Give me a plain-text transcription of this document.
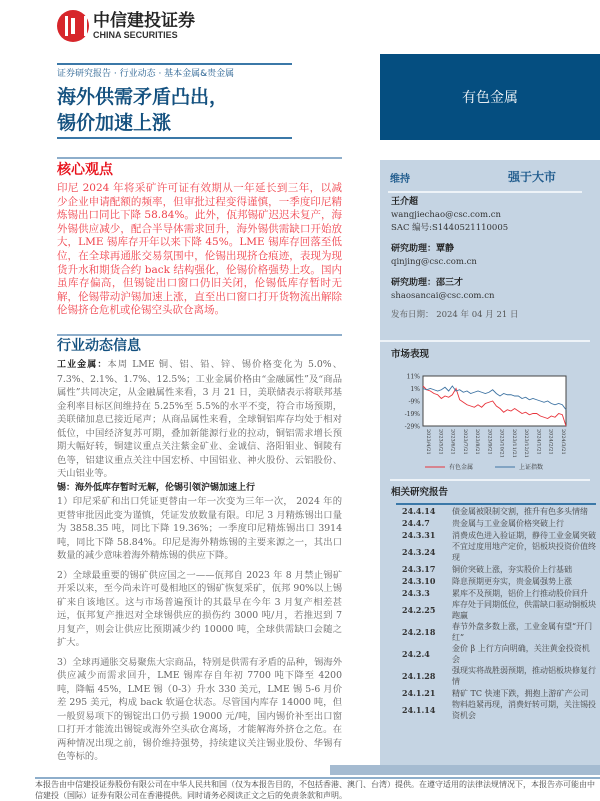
中信建投证券
CHINA SECURITIES
证券研究报告 · 行业动态 · 基本金属&贵金属
海外供需矛盾凸出，
锡价加速上涨
有色金属
核心观点
印尼 2024 年将采矿许可证有效期从一年延长到三年，以减少企业申请配额的频率，但审批过程变得谨慎，一季度印尼精炼锡出口同比下降 58.84%。此外，佤邦锡矿迟迟未复产，海外锡供应减少，配合半导体需求回升，海外锡供需缺口开始放大，LME 锡库存开年以来下降 45%。LME 锡库存回落至低位，在全球再通胀交易氛围中，伦锡出现挤仓痕迹，表现为现货升水和期货合约 back 结构强化，伦锡价格强势上攻。国内虽库存偏高，但锡锭出口窗口仍旧关闭，伦锡低库存暂时无解，伦锡带动沪锡加速上涨，直至出口窗口打开货物流出解除伦锡挤仓危机或伦锡空头砍仓离场。
行业动态信息

工业金属：本周 LME 铜、铝、铅、锌、锡价格变化为 5.0%、7.3%、2.1%、1.7%、12.5%；工业金属价格由“金融属性”及“商品属性”共同决定，从金融属性来看，3 月 21 日，美联储表示将联邦基金利率目标区间维持在 5.25%至 5.5%的水平不变，符合市场预期，美联储加息已接近尾声；从商品属性来看，全球铜铝库存均处于相对低位，中国经济复苏可期，叠加新能源行业的拉动，铜铝需求增长预期大幅好转，铜建议重点关注紫金矿业、金诚信、洛阳钼业、铜陵有色等，铝建议重点关注中国宏桥、中国铝业、神火股份、云铝股份、天山铝业等。

锡：海外低库存暂时无解，伦锡引领沪锡加速上行

1）印尼采矿和出口凭证更替由一年一次变为三年一次， 2024 年的更替审批因此变为谨慎，凭证发放数量有限。印尼 3 月精炼锡出口量为 3858.35 吨，同比下降 19.36%；一季度印尼精炼锡出口 3914 吨，同比下降 58.84%。印尼是海外精炼锡的主要来源之一，其出口数量的减少意味着海外精炼锡的供应下降。

2）全球最重要的锡矿供应国之一——佤邦自 2023 年 8 月禁止锡矿开采以来，至今尚未许可曼相地区的锡矿恢复采矿，佤邦 90%以上锡矿来自该地区。这与市场普遍预计的其最早在今年 3 月复产相差甚远，佤邦复产推迟对全球锡供应的损伤约 3000 吨/月，若推迟到 7 月复产，则会让供应比预期减少约 10000 吨，全球供需缺口会随之扩大。

3）全球再通胀交易聚焦大宗商品，特别是供需有矛盾的品种，锡海外供应减少而需求回升，LME 锡库存自年初 7700 吨下降至 4200 吨，降幅 45%，LME 锡（0-3）升水 330 美元，LME 锡 5-6 月价差 295 美元，构成 back 软逼仓状态。尽管国内库存 14000 吨，但一般贸易项下的锡锭出口仍亏损 19000 元/吨，国内锡价补至出口窗口打开才能流出锡锭或海外空头砍仓离场，才能解海外挤仓之危。在两种情况出现之前，锡价维持强势，持续建议关注锡业股份、华锡有色等标的。

维持	强于大市
王介超
wangjiechao@csc.com.cn
SAC 编号:S1440521110005
研究助理：覃静
qinjing@csc.com.cn
研究助理：邵三才
shaosancai@csc.com.cn
发布日期： 2024 年 04 月 21 日
市场表现
11%
1%
-9%
-19%
-29%
2023/4/21 2023/5/21 2023/6/21 2023/7/21 2023/8/21 2023/9/21 2023/10/21 2023/11/21 2023/12/21 2024/1/21 2024/2/21 2024/3/21
有色金属	上证指数
相关研究报告
24.4.14	债金属被限制交割，推升有色多头情绪
24.4.7	贵金属与工业金属价格突破上行
24.3.31	消费成色进入验证期，静待工业金属突破
24.3.24	不宜过度用地产定价，铝板块投资价值终现
24.3.17	铜价突破上涨，夯实股价上行基础
24.3.10	降息预期更夯实，贵金属强势上涨
24.3.3	累库不及预期，铝价上行推动股价回升
24.2.25	库存处于同期低位，供需缺口驱动铜板块跑赢
24.2.18	春节外盘多数上涨，工业金属有望“开门红”
24.2.4	金价 β 上行方向明确，关注黄金投资机会
24.1.28	强现实将战胜弱预期，推动铝板块修复行情
24.1.21	精矿 TC 快速下跌，拥抱上游矿产公司
24.1.14	物料趋紧再现，消费好转可期，关注锡投资机会
本报告由中信建投证券股份有限公司在中华人民共和国（仅为本报告目的，不包括香港、澳门、台湾）提供。在遵守适用的法律法规情况下，本报告亦可能由中信建投（国际）证券有限公司在香港提供。同时请务必阅读正文之后的免责条款和声明。
